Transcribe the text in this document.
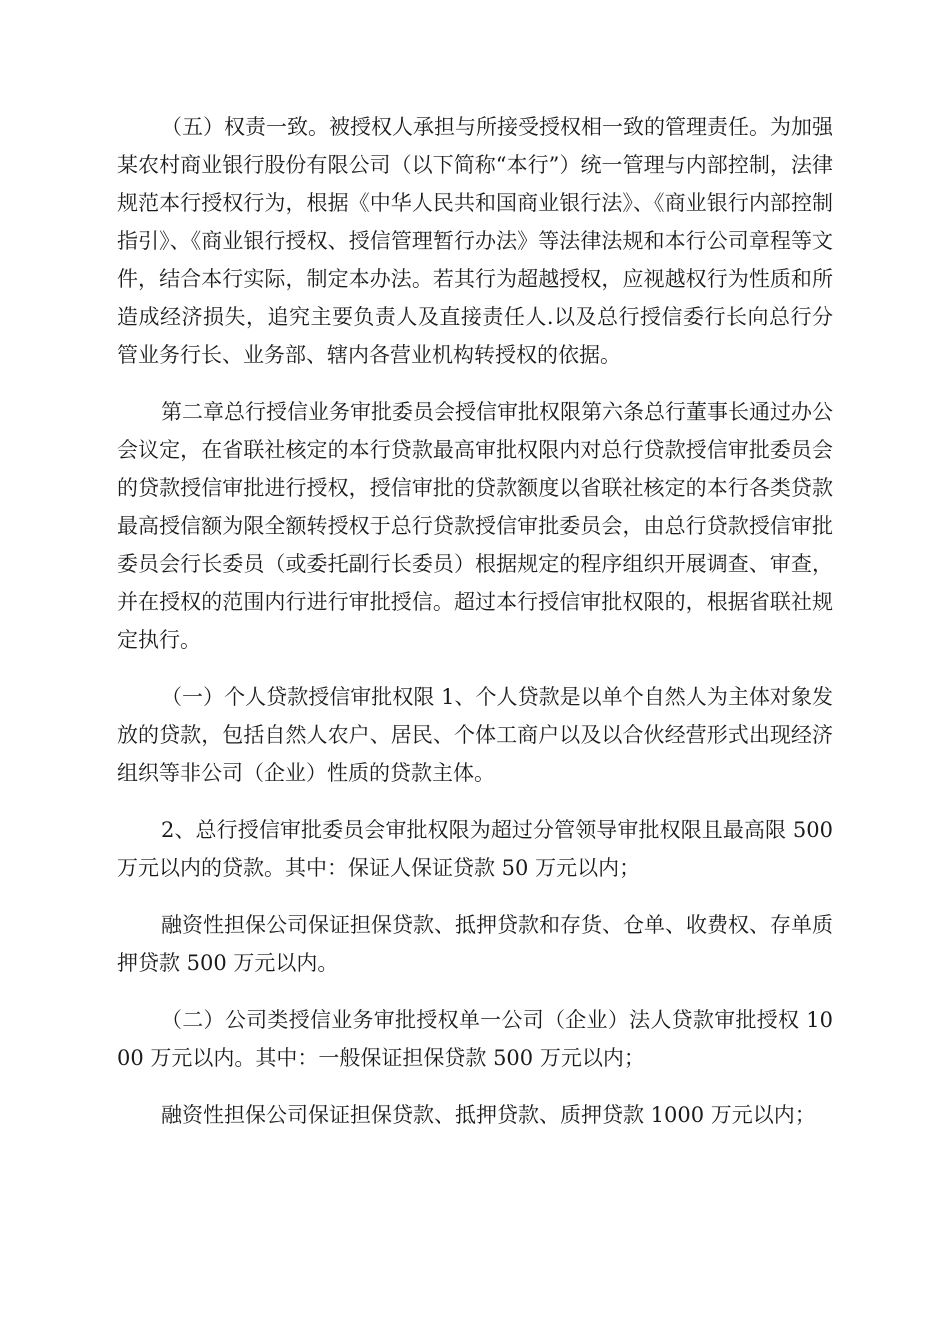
（五）权责一致。被授权人承担与所接受授权相一致的管理责任。为加强某农村商业银行股份有限公司（以下简称“本行”）统一管理与内部控制，法律规范本行授权行为，根据《中华人民共和国商业银行法》、《商业银行内部控制指引》、《商业银行授权、授信管理暂行办法》等法律法规和本行公司章程等文件，结合本行实际，制定本办法。若其行为超越授权，应视越权行为性质和所造成经济损失，追究主要负责人及直接责任人.以及总行授信委行长向总行分管业务行长、业务部、辖内各营业机构转授权的依据。

第二章总行授信业务审批委员会授信审批权限第六条总行董事长通过办公会议定，在省联社核定的本行贷款最高审批权限内对总行贷款授信审批委员会的贷款授信审批进行授权，授信审批的贷款额度以省联社核定的本行各类贷款最高授信额为限全额转授权于总行贷款授信审批委员会，由总行贷款授信审批委员会行长委员（或委托副行长委员）根据规定的程序组织开展调查、审查，并在授权的范围内行进行审批授信。超过本行授信审批权限的，根据省联社规定执行。

（一）个人贷款授信审批权限 1、个人贷款是以单个自然人为主体对象发放的贷款，包括自然人农户、居民、个体工商户以及以合伙经营形式出现经济组织等非公司（企业）性质的贷款主体。

2、总行授信审批委员会审批权限为超过分管领导审批权限且最高限 500 万元以内的贷款。其中：保证人保证贷款 50 万元以内；

融资性担保公司保证担保贷款、抵押贷款和存货、仓单、收费权、存单质押贷款 500 万元以内。

（二）公司类授信业务审批授权单一公司（企业）法人贷款审批授权 1000 万元以内。其中：一般保证担保贷款 500 万元以内；

融资性担保公司保证担保贷款、抵押贷款、质押贷款 1000 万元以内；
